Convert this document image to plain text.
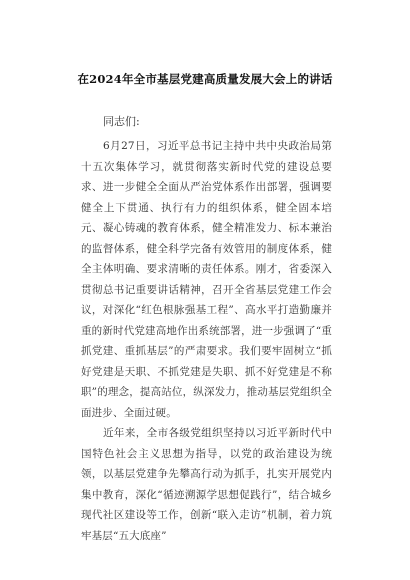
在2024年全市基层党建高质量发展大会上的讲话
同志们:

6月27日，习近平总书记主持中共中央政治局第十五次集体学习，就贯彻落实新时代党的建设总要求、进一步健全全面从严治党体系作出部署，强调要健全上下贯通、执行有力的组织体系，健全固本培元、凝心铸魂的教育体系，健全精准发力、标本兼治的监督体系，健全科学完备有效管用的制度体系，健全主体明确、要求清晰的责任体系。刚才，省委深入贯彻总书记重要讲话精神，召开全省基层党建工作会议，对深化“红色根脉强基工程”、高水平打造勤廉并重的新时代党建高地作出系统部署，进一步强调了“重抓党建、重抓基层”的严肃要求。我们要牢固树立“抓好党建是天职、不抓党建是失职、抓不好党建是不称职”的理念，提高站位，纵深发力，推动基层党组织全面进步、全面过硬。

近年来，全市各级党组织坚持以习近平新时代中国特色社会主义思想为指导，以党的政治建设为统领，以基层党建争先攀高行动为抓手，扎实开展党内集中教育，深化“循迹溯源学思想促践行”，结合城乡现代社区建设等工作，创新“联入走访”机制，着力筑牢基层“五大底座”
